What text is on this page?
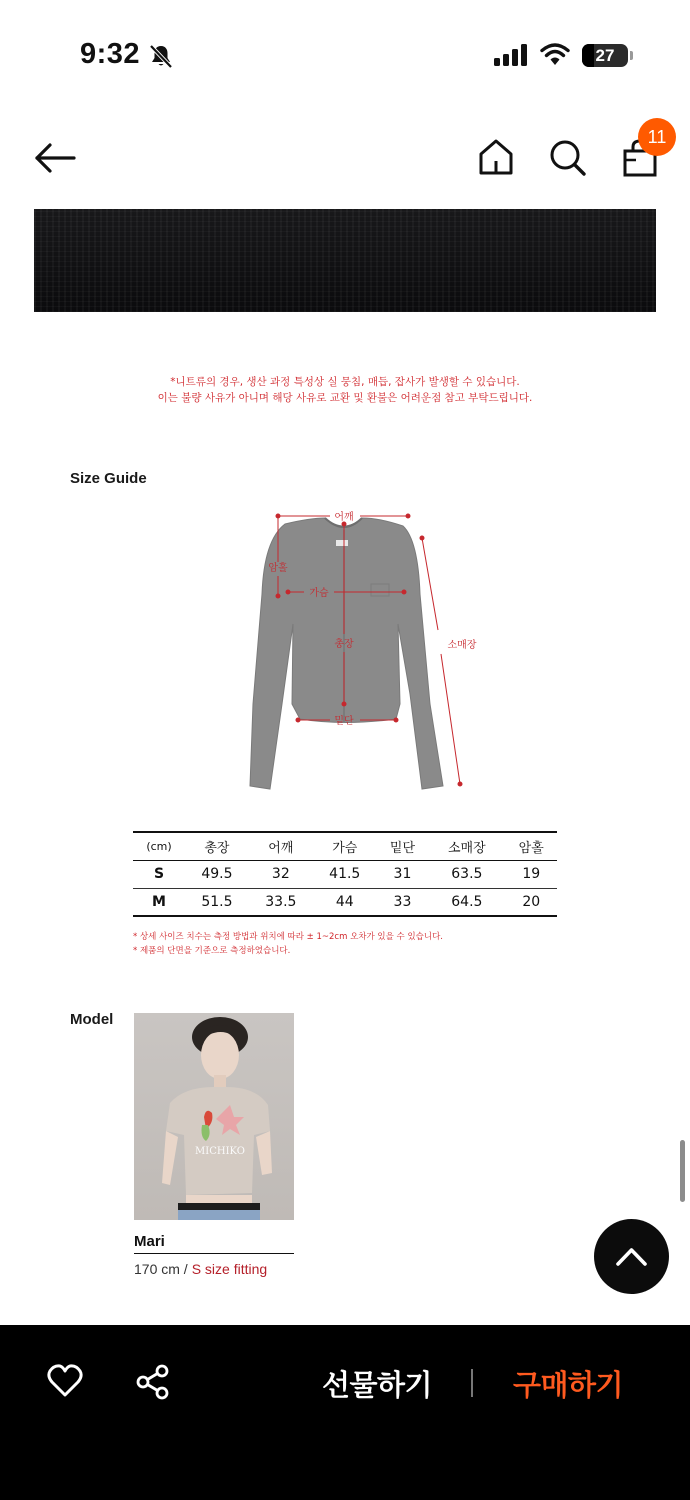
9:32	27
11
*니트류의 경우, 생산 과정 특성상 실 뭉침, 매듭, 잡사가 발생할 수 있습니다.
이는 불량 사유가 아니며 해당 사유로 교환 및 환불은 어려운점 참고 부탁드립니다.
Size Guide
어깨
암홀
가슴
총장	소매장
밑단
(cm)	총장	어깨	가슴	밑단	소매장	암홀
S	49.5	32	41.5	31	63.5	19
M	51.5	33.5	44	33	64.5	20
* 상세 사이즈 치수는 측정 방법과 위치에 따라 ± 1~2cm 오차가 있을 수 있습니다.
* 제품의 단면을 기준으로 측정하였습니다.
Model
MICHIKO
Mari
170 cm / S size fitting
선물하기	구매하기
